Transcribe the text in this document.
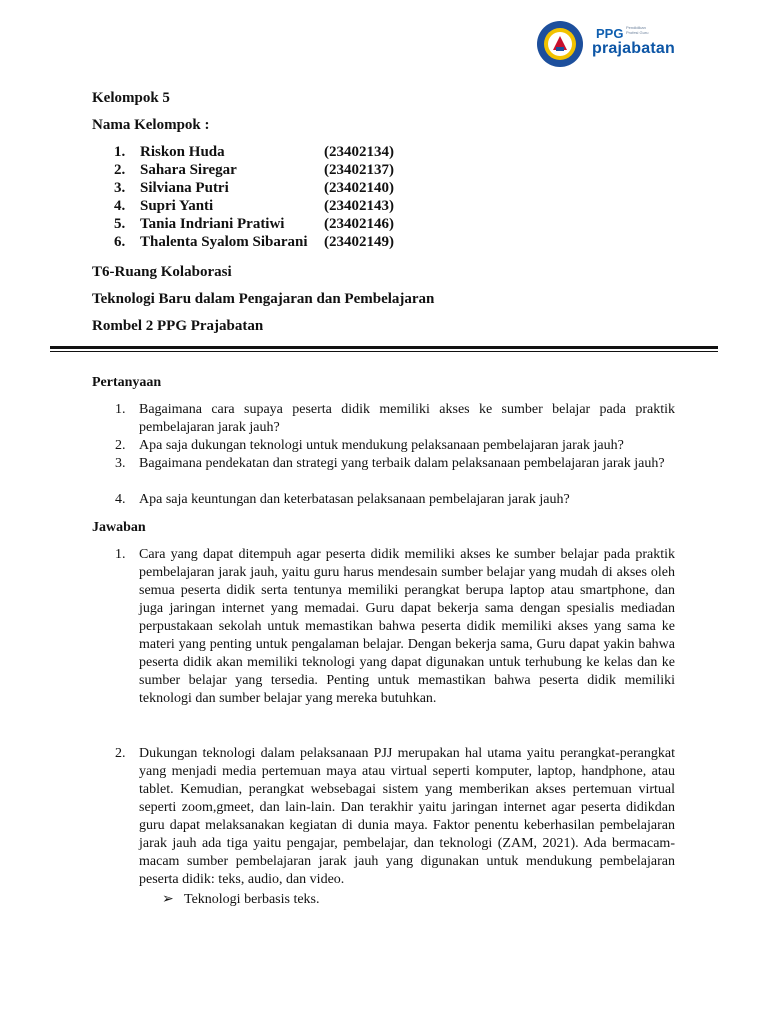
PPG Pendidikan Profesi Guru
prajabatan
Kelompok 5
Nama Kelompok :
1. Riskon Huda	(23402134)
2. Sahara Siregar	(23402137)
3. Silviana Putri	(23402140)
4. Supri Yanti	(23402143)
5. Tania Indriani Pratiwi	(23402146)
6. Thalenta Syalom Sibarani (23402149)
T6-Ruang Kolaborasi
Teknologi Baru dalam Pengajaran dan Pembelajaran
Rombel 2 PPG Prajabatan
Pertanyaan
1. Bagaimana cara supaya peserta didik memiliki akses ke sumber belajar pada praktik pembelajaran jarak jauh?
2. Apa saja dukungan teknologi untuk mendukung pelaksanaan pembelajaran jarak jauh?
3. Bagaimana pendekatan dan strategi yang terbaik dalam pelaksanaan pembelajaran jarak jauh?
4. Apa saja keuntungan dan keterbatasan pelaksanaan pembelajaran jarak jauh?
Jawaban
1. Cara yang dapat ditempuh agar peserta didik memiliki akses ke sumber belajar pada praktik pembelajaran jarak jauh, yaitu guru harus mendesain sumber belajar yang mudah di akses oleh semua peserta didik serta tentunya memiliki perangkat berupa laptop atau smartphone, dan juga jaringan internet yang memadai. Guru dapat bekerja sama dengan spesialis mediadan perpustakaan sekolah untuk memastikan bahwa peserta didik memiliki akses yang sama ke materi yang penting untuk pengalaman belajar. Dengan bekerja sama, Guru dapat yakin bahwa peserta didik akan memiliki teknologi yang dapat digunakan untuk terhubung ke kelas dan ke sumber belajar yang tersedia. Penting untuk memastikan bahwa peserta didik memiliki teknologi dan sumber belajar yang mereka butuhkan.
2. Dukungan teknologi dalam pelaksanaan PJJ merupakan hal utama yaitu perangkat-perangkat yang menjadi media pertemuan maya atau virtual seperti komputer, laptop, handphone, atau tablet. Kemudian, perangkat websebagai sistem yang memberikan akses pertemuan virtual seperti zoom,gmeet, dan lain-lain. Dan terakhir yaitu jaringan internet agar peserta didikdan guru dapat melaksanakan kegiatan di dunia maya. Faktor penentu keberhasilan pembelajaran jarak jauh ada tiga yaitu pengajar, pembelajar, dan teknologi (ZAM, 2021). Ada bermacam-macam sumber pembelajaran jarak jauh yang digunakan untuk mendukung pembelajaran peserta didik: teks, audio, dan video.
➢ Teknologi berbasis teks.
